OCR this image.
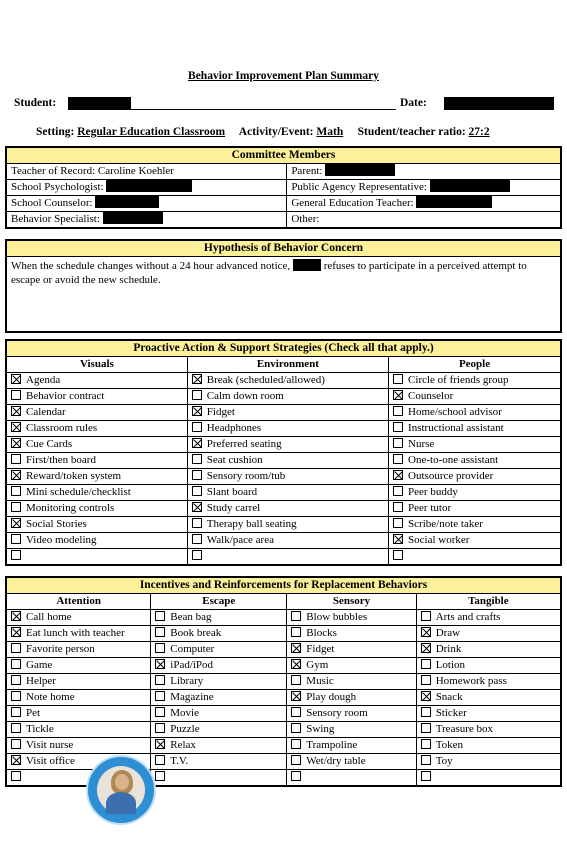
Behavior Improvement Plan Summary
Student:	Date:
Setting: Regular Education Classroom Activity/Event: Math Student/teacher ratio: 27:2
Committee Members
Teacher of Record: Caroline Koehler	Parent:
School Psychologist:	Public Agency Representative:
School Counselor:	General Education Teacher:
Behavior Specialist:	Other:
Hypothesis of Behavior Concern
When the schedule changes without a 24 hour advanced notice,	refuses to participate in a perceived attempt to escape or avoid the new schedule.
Proactive Action & Support Strategies (Check all that apply.)
Visuals	Environment	People
Agenda	Break (scheduled/allowed)	Circle of friends group
Behavior contract	Calm down room	Counselor
Calendar	Fidget	Home/school advisor
Classroom rules	Headphones	Instructional assistant
Cue Cards	Preferred seating	Nurse
First/then board	Seat cushion	One-to-one assistant
Reward/token system	Sensory room/tub	Outsource provider
Mini schedule/checklist	Slant board	Peer buddy
Monitoring controls	Study carrel	Peer tutor
Social Stories	Therapy ball seating	Scribe/note taker
Video modeling	Walk/pace area	Social worker

Incentives and Reinforcements for Replacement Behaviors
Attention	Escape	Sensory	Tangible
Call home	Bean bag	Blow bubbles	Arts and crafts
Eat lunch with teacher	Book break	Blocks	Draw
Favorite person	Computer	Fidget	Drink
Game	iPad/iPod	Gym	Lotion
Helper	Library	Music	Homework pass
Note home	Magazine	Play dough	Snack
Pet	Movie	Sensory room	Sticker
Tickle	Puzzle	Swing	Treasure box
Visit nurse	Relax	Trampoline	Token
Visit office	T.V.	Wet/dry table	Toy
